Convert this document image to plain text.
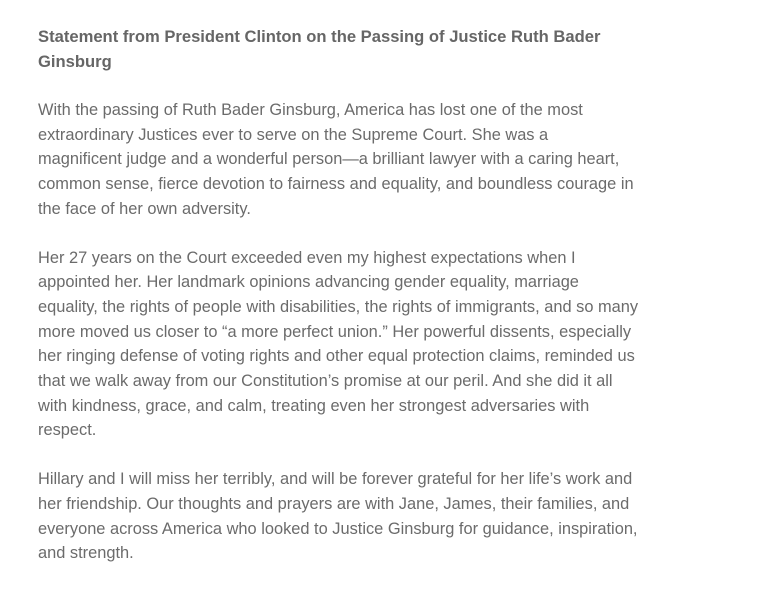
Statement from President Clinton on the Passing of Justice Ruth Bader
Ginsburg

With the passing of Ruth Bader Ginsburg, America has lost one of the most
extraordinary Justices ever to serve on the Supreme Court. She was a
magnificent judge and a wonderful person—a brilliant lawyer with a caring heart,
common sense, fierce devotion to fairness and equality, and boundless courage in
the face of her own adversity.

Her 27 years on the Court exceeded even my highest expectations when I
appointed her. Her landmark opinions advancing gender equality, marriage
equality, the rights of people with disabilities, the rights of immigrants, and so many
more moved us closer to “a more perfect union.” Her powerful dissents, especially
her ringing defense of voting rights and other equal protection claims, reminded us
that we walk away from our Constitution’s promise at our peril. And she did it all
with kindness, grace, and calm, treating even her strongest adversaries with
respect.

Hillary and I will miss her terribly, and will be forever grateful for her life’s work and
her friendship. Our thoughts and prayers are with Jane, James, their families, and
everyone across America who looked to Justice Ginsburg for guidance, inspiration,
and strength.
